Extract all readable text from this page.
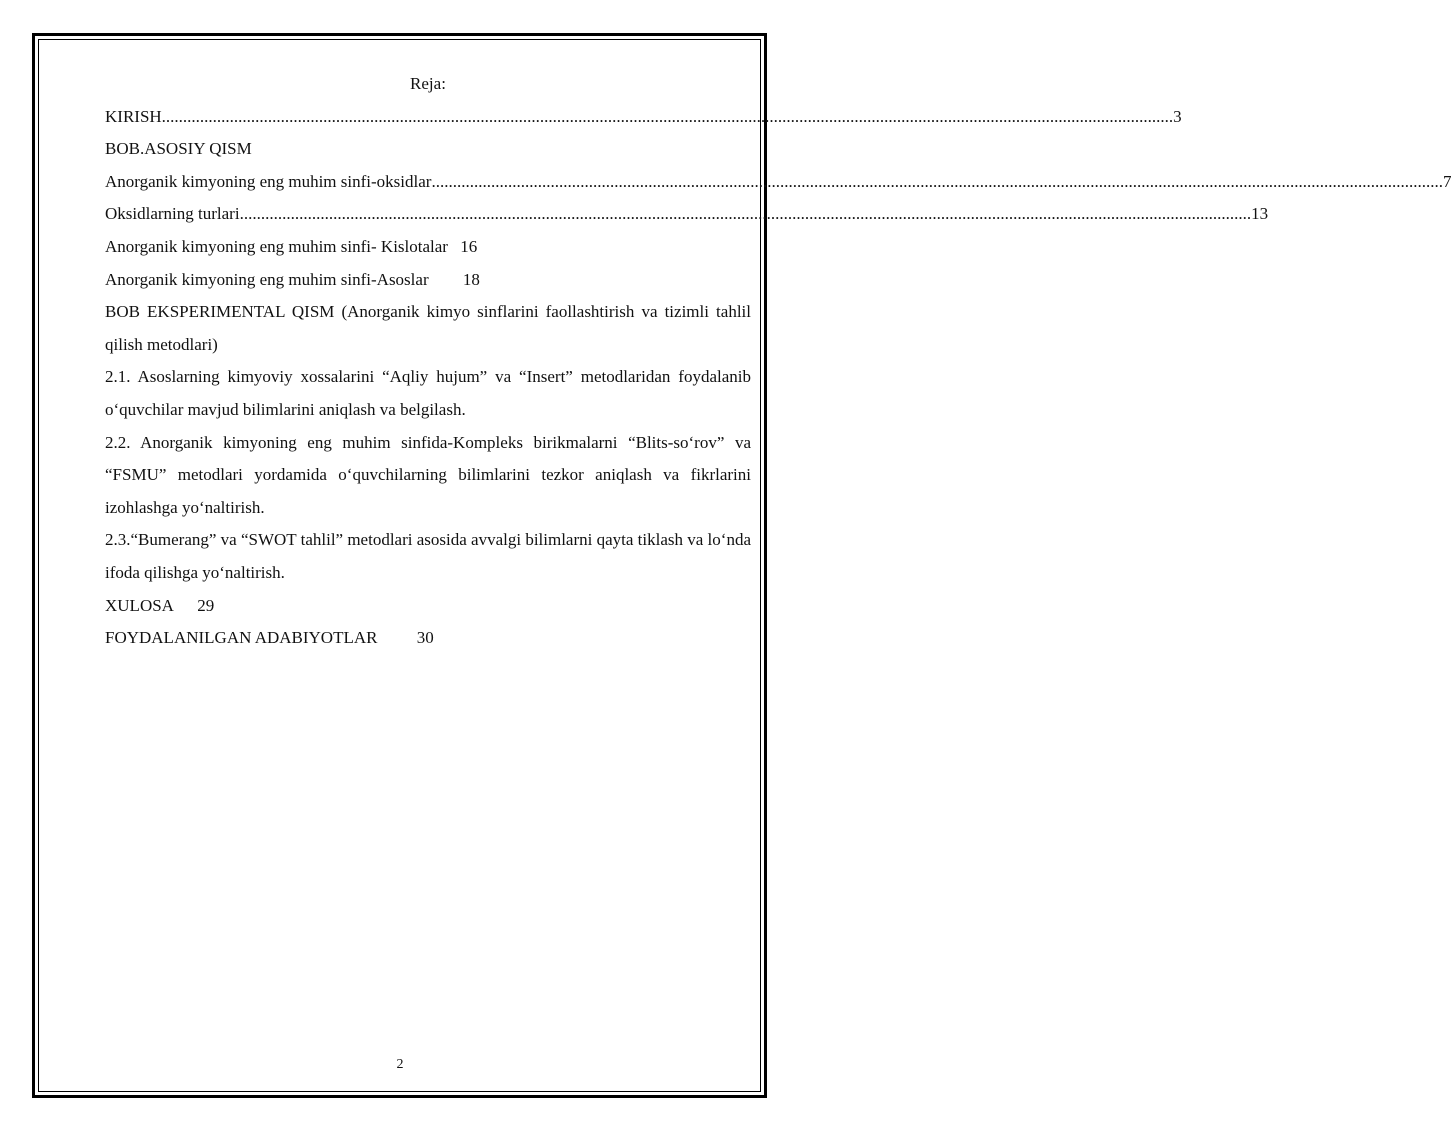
Reja:
KIRISH .............................................................................................................................................................................................................................................. 3
BOB.ASOSIY QISM
Anorganik kimyoning eng muhim sinfi-oksidlar .............................................................................................................................................................................................................................................. 7
Oksidlarning turlari .............................................................................................................................................................................................................................................. 13
Anorganik kimyoning eng muhim sinfi- Kislotalar 16
Anorganik kimyoning eng muhim sinfi-Asoslar 18
BOB EKSPERIMENTAL QISM (Anorganik kimyo sinflarini faollashtirish va tizimli tahlil qilish metodlari)
2.1. Asoslarning kimyoviy xossalarini “Aqliy hujum” va “Insert” metodlaridan foydalanib o‘quvchilar mavjud bilimlarini aniqlash va belgilash.
2.2. Anorganik kimyoning eng muhim sinfida-Kompleks birikmalarni “Blits-so‘rov” va “FSMU” metodlari yordamida o‘quvchilarning bilimlarini tezkor aniqlash va fikrlarini izohlashga yo‘naltirish.
2.3.“Bumerang” va “SWOT tahlil” metodlari asosida avvalgi bilimlarni qayta tiklash va lo‘nda ifoda qilishga yo‘naltirish.
XULOSA 29
FOYDALANILGAN ADABIYOTLAR 30
2
